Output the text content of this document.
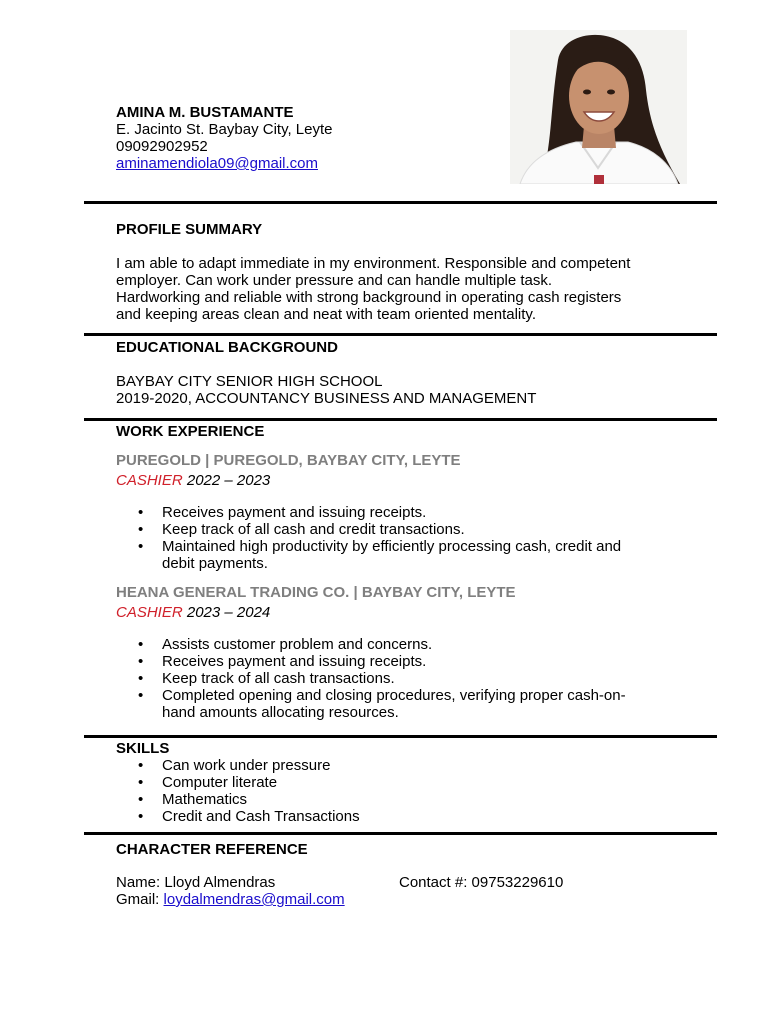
AMINA M. BUSTAMANTE
E. Jacinto St. Baybay City, Leyte
09092902952
aminamendiola09@gmail.com
PROFILE SUMMARY
I am able to adapt immediate in my environment. Responsible and competent
employer. Can work under pressure and can handle multiple task.
Hardworking and reliable with strong background in operating cash registers
and keeping areas clean and neat with team oriented mentality.
EDUCATIONAL BACKGROUND
BAYBAY CITY SENIOR HIGH SCHOOL
2019-2020, ACCOUNTANCY BUSINESS AND MANAGEMENT
WORK EXPERIENCE
PUREGOLD | PUREGOLD, BAYBAY CITY, LEYTE
CASHIER 2022 – 2023
• Receives payment and issuing receipts.
• Keep track of all cash and credit transactions.
• Maintained high productivity by efficiently processing cash, credit and debit payments.
HEANA GENERAL TRADING CO. | BAYBAY CITY, LEYTE
CASHIER 2023 – 2024
• Assists customer problem and concerns.
• Receives payment and issuing receipts.
• Keep track of all cash transactions.
• Completed opening and closing procedures, verifying proper cash-on-hand amounts allocating resources.
SKILLS
• Can work under pressure
• Computer literate
• Mathematics
• Credit and Cash Transactions
CHARACTER REFERENCE
Name: Lloyd Almendras	Contact #: 09753229610
Gmail: loydalmendras@gmail.com
